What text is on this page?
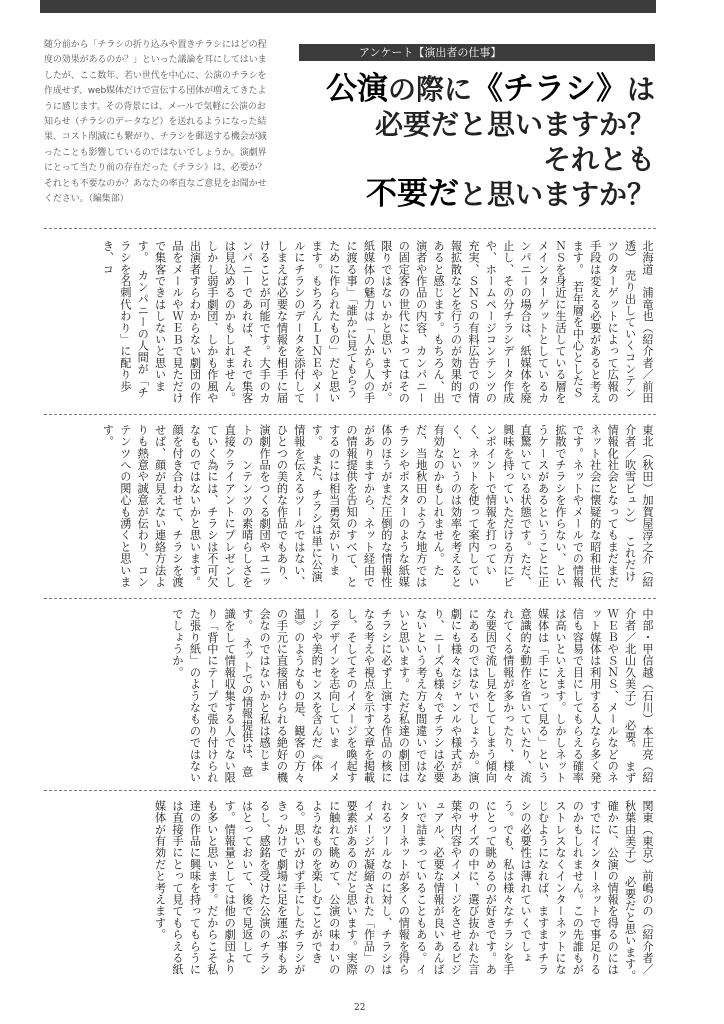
随分前から「チラシの折り込みや置きチラシにはどの程度の効果があるのか？」といった議論を耳にしてはいましたが、ここ数年、若い世代を中心に、公演のチラシを作成せず、web媒体だけで宣伝する団体が増えてきたように感じます。その背景には、メールで気軽に公演のお知らせ（チラシのデータなど）を送れるようになった結果、コスト削減にも繋がり、チラシを郵送する機会が減ったことも影響しているのではないでしょうか。演劇界にとって当たり前の存在だった《チラシ》は、必要か？　それとも不要なのか？あなたの率直なご意見をお聞かせください。（編集部）

アンケート【演出者の仕事】
公演の際に《チラシ》は
必要だと思いますか？
それとも
不要だと思いますか？

北海道　浦竜也（紹介者／前田透）　売り出していくコンテンツのターゲットによって広報の手段は変える必要があると考えます。　若年層を中心としたＳＮＳを身近に生活している層をメインターゲットとしているカンパニーの場合は、紙媒体を廃止し、その分チラシデータ作成や、ホームページコンテンツの充実、ＳＮＳの有料広告での情報拡散などを行うのが効果的であると感じます。もちろん、出演者や作品の内容、カンパニーの固定客の世代によってはその限りではないかと思いますが。　紙媒体の魅力は「人から人の手に渡る事」「誰かに見てもらうために作られたもの」だと思います。もちろんＬＩＮＥやメールにチラシのデータを添付してしまえば必要な情報を相手に届けることが可能です。大手のカンパニーであれば、それで集客は見込めるのかもしれません。しかし弱手劇団、しかも作風や出演者すらわからない劇団の作品をメールやＷＥＢで見ただけで集客できはしないと思います。　カンパニーの人間が「チラシを名刺代わり」に配り歩き、コ

東北（秋田）加賀屋淳之介（紹介者／吹雪ピュン）　これだけ情報化社会となってもまだまだネット社会に懐疑的な昭和世代です。ネットやメールでの情報拡散でチラシを作らない、というケースがあるということに正直驚いている状態です。ただ、興味を持っていただける方にピンポイントで情報を打っていく、ネットを使って案内していく、というのは効率を考えると有効なのかもしれません。ただ、当地秋田のような地方ではチラシやポスターのような紙媒体のほうがまだ圧倒的な情報性がありますから、ネット経由での情報提供を告知のすべて、とするのには相当勇気がいります。　また、チラシは単に公演情報を伝えるツールではない、ひとつの美的な作品でもあり、演劇作品をつくる劇団やユニットの　ンテンツの素晴らしさを直接クライアントにプレゼンしていく為には、チラシは不可欠なものではないかと思います。顔を付き合わせて、チラシを渡せば、顔が見えない連絡方法よりも熱意や誠意が伝わり、コンテンツへの関心も湧くと思います。

中部・甲信越（石川）本庄亮（紹介者／北山久美子）　必要。　まずＷＥＢやＳＮＳ、メールなどのネット媒体は利用する人なら多く発信も容易で目にしてもらえる確率は高いといえます。しかしネット媒体は「手にとって見る」という意識的な動作を省いていたり、流れてくる情報が多かったり、様々な要因で流し見をしてしまう傾向にあるのではないでしょうか。演劇にも様々なジャンルや様式があり、ニーズも様々でチラシは必要ないという考え方も間違いではないと思います。ただ私達の劇団はチラシに必ず上演する作品の核になる考えや視点を示す文章を掲載し、そしてそのイメージを喚起するデザインを志向していま　イメージや美的センスを含んだ《体温》のようなもの是、観客の方々の手元に直接届けられる絶好の機会なのではないかと私は感じます。　ネットでの情報提供は、意識をして情報収集する人でない限り「背中にテープで張り付けられた張り紙」のようなものではないでしょうか。

関東（東京）前嶋のの（紹介者／秋葉由美子）　必要だと思います。確かに、公演の情報を得るのにはすでにインターネットで事足りるのかもしれません。この先誰もがストレスなくインターネットになじむようになれば、ますますチラシの必要性は薄れていくでしょう。でも、私は様々なチラシを手にとって眺めるのが好きです。あのサイズの中に、選び抜かれた言葉や内容やイメージをさせるビジュアル、必要な情報が良いあんばいで詰まっていることもある。インターネットが多くの情報を得られるツールなのに対し、チラシはイメージが凝縮された「作品」の要素があるのだと思います。実際に触れて眺めて、公演の味わいのようなものを楽しむことができる。思いがけず手にしたチラシがきっかけで劇場に足を運ぶ事もあるし、感銘を受けた公演のチラシはとっておいて、後で見返して　す。情報量としては他の劇団よりも多いと思います。だからこそ私達の作品に興味を持ってもらうには直接手にとって見てもらえる紙媒体が有効だと考えます。

22
